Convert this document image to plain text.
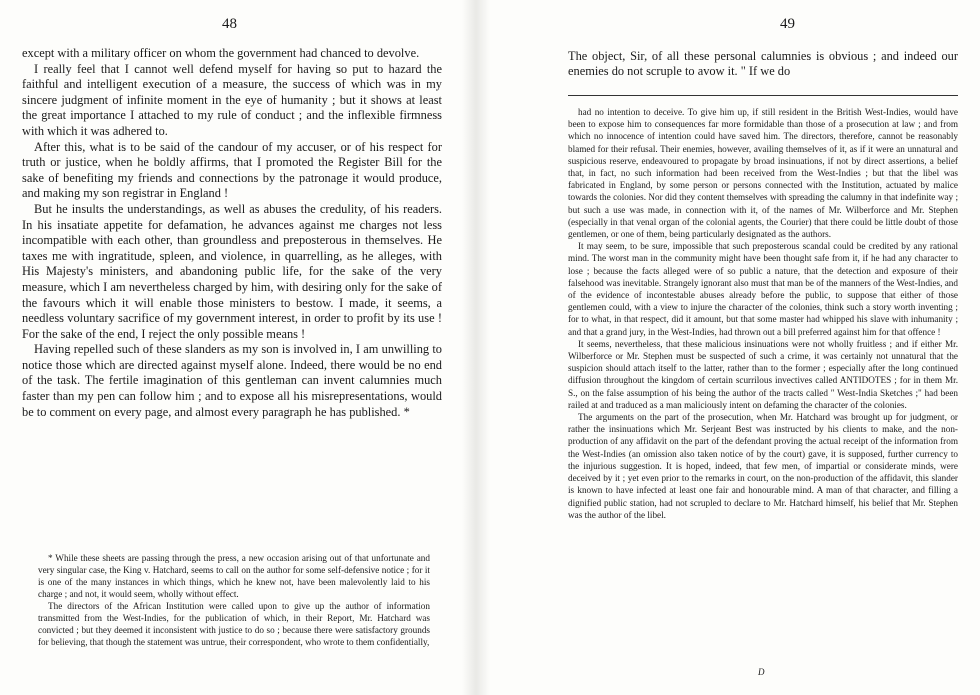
48

except with a military officer on whom the government had chanced to devolve.

I really feel that I cannot well defend myself for having so put to hazard the faithful and intelligent execution of a measure, the success of which was in my sincere judgment of infinite moment in the eye of humanity ; but it shows at least the great importance I attached to my rule of conduct ; and the inflexible firmness with which it was adhered to.

After this, what is to be said of the candour of my accuser, or of his respect for truth or justice, when he boldly affirms, that I promoted the Register Bill for the sake of benefiting my friends and connections by the patronage it would produce, and making my son registrar in England !

But he insults the understandings, as well as abuses the credulity, of his readers. In his insatiate appetite for defamation, he advances against me charges not less incompatible with each other, than groundless and preposterous in themselves. He taxes me with ingratitude, spleen, and violence, in quarrelling, as he alleges, with His Majesty's ministers, and abandoning public life, for the sake of the very measure, which I am nevertheless charged by him, with desiring only for the sake of the favours which it will enable those ministers to bestow. I made, it seems, a needless voluntary sacrifice of my government interest, in order to profit by its use ! For the sake of the end, I reject the only possible means !

Having repelled such of these slanders as my son is involved in, I am unwilling to notice those which are directed against myself alone. Indeed, there would be no end of the task. The fertile imagination of this gentleman can invent calumnies much faster than my pen can follow him ; and to expose all his misrepresentations, would be to comment on every page, and almost every paragraph he has published. *

* While these sheets are passing through the press, a new occasion arising out of that unfortunate and very singular case, the King v. Hatchard, seems to call on the author for some self-defensive notice ; for it is one of the many instances in which things, which he knew not, have been malevolently laid to his charge ; and not, it would seem, wholly without effect.

The directors of the African Institution were called upon to give up the author of information transmitted from the West-Indies, for the publication of which, in their Report, Mr. Hatchard was convicted ; but they deemed it inconsistent with justice to do so ; because there were satisfactory grounds for believing, that though the statement was untrue, their correspondent, who wrote to them confidentially,

49
The object, Sir, of all these personal calumnies is obvious ; and indeed our enemies do not scruple to avow it. " If we do

had no intention to deceive. To give him up, if still resident in the British West-Indies, would have been to expose him to consequences far more formidable than those of a prosecution at law ; and from which no innocence of intention could have saved him. The directors, therefore, cannot be reasonably blamed for their refusal. Their enemies, however, availing themselves of it, as if it were an unnatural and suspicious reserve, endeavoured to propagate by broad insinuations, if not by direct assertions, a belief that, in fact, no such information had been received from the West-Indies ; but that the libel was fabricated in England, by some person or persons connected with the Institution, actuated by malice towards the colonies. Nor did they content themselves with spreading the calumny in that indefinite way ; but such a use was made, in connection with it, of the names of Mr. Wilberforce and Mr. Stephen (especially in that venal organ of the colonial agents, the Courier) that there could be little doubt of those gentlemen, or one of them, being particularly designated as the authors.

It may seem, to be sure, impossible that such preposterous scandal could be credited by any rational mind. The worst man in the community might have been thought safe from it, if he had any character to lose ; because the facts alleged were of so public a nature, that the detection and exposure of their falsehood was inevitable. Strangely ignorant also must that man be of the manners of the West-Indies, and of the evidence of incontestable abuses already before the public, to suppose that either of those gentlemen could, with a view to injure the character of the colonies, think such a story worth inventing ; for to what, in that respect, did it amount, but that some master had whipped his slave with inhumanity ; and that a grand jury, in the West-Indies, had thrown out a bill preferred against him for that offence !

It seems, nevertheless, that these malicious insinuations were not wholly fruitless ; and if either Mr. Wilberforce or Mr. Stephen must be suspected of such a crime, it was certainly not unnatural that the suspicion should attach itself to the latter, rather than to the former ; especially after the long continued diffusion throughout the kingdom of certain scurrilous invectives called ANTIDOTES ; for in them Mr. S., on the false assumption of his being the author of the tracts called " West-India Sketches ;" had been railed at and traduced as a man maliciously intent on defaming the character of the colonies.

The arguments on the part of the prosecution, when Mr. Hatchard was brought up for judgment, or rather the insinuations which Mr. Serjeant Best was instructed by his clients to make, and the non-production of any affidavit on the part of the defendant proving the actual receipt of the information from the West-Indies (an omission also taken notice of by the court) gave, it is supposed, further currency to the injurious suggestion. It is hoped, indeed, that few men, of impartial or considerate minds, were deceived by it ; yet even prior to the remarks in court, on the non-production of the affidavit, this slander is known to have infected at least one fair and honourable mind. A man of that character, and filling a dignified public station, had not scrupled to declare to Mr. Hatchard himself, his belief that Mr. Stephen was the author of the libel.

D
